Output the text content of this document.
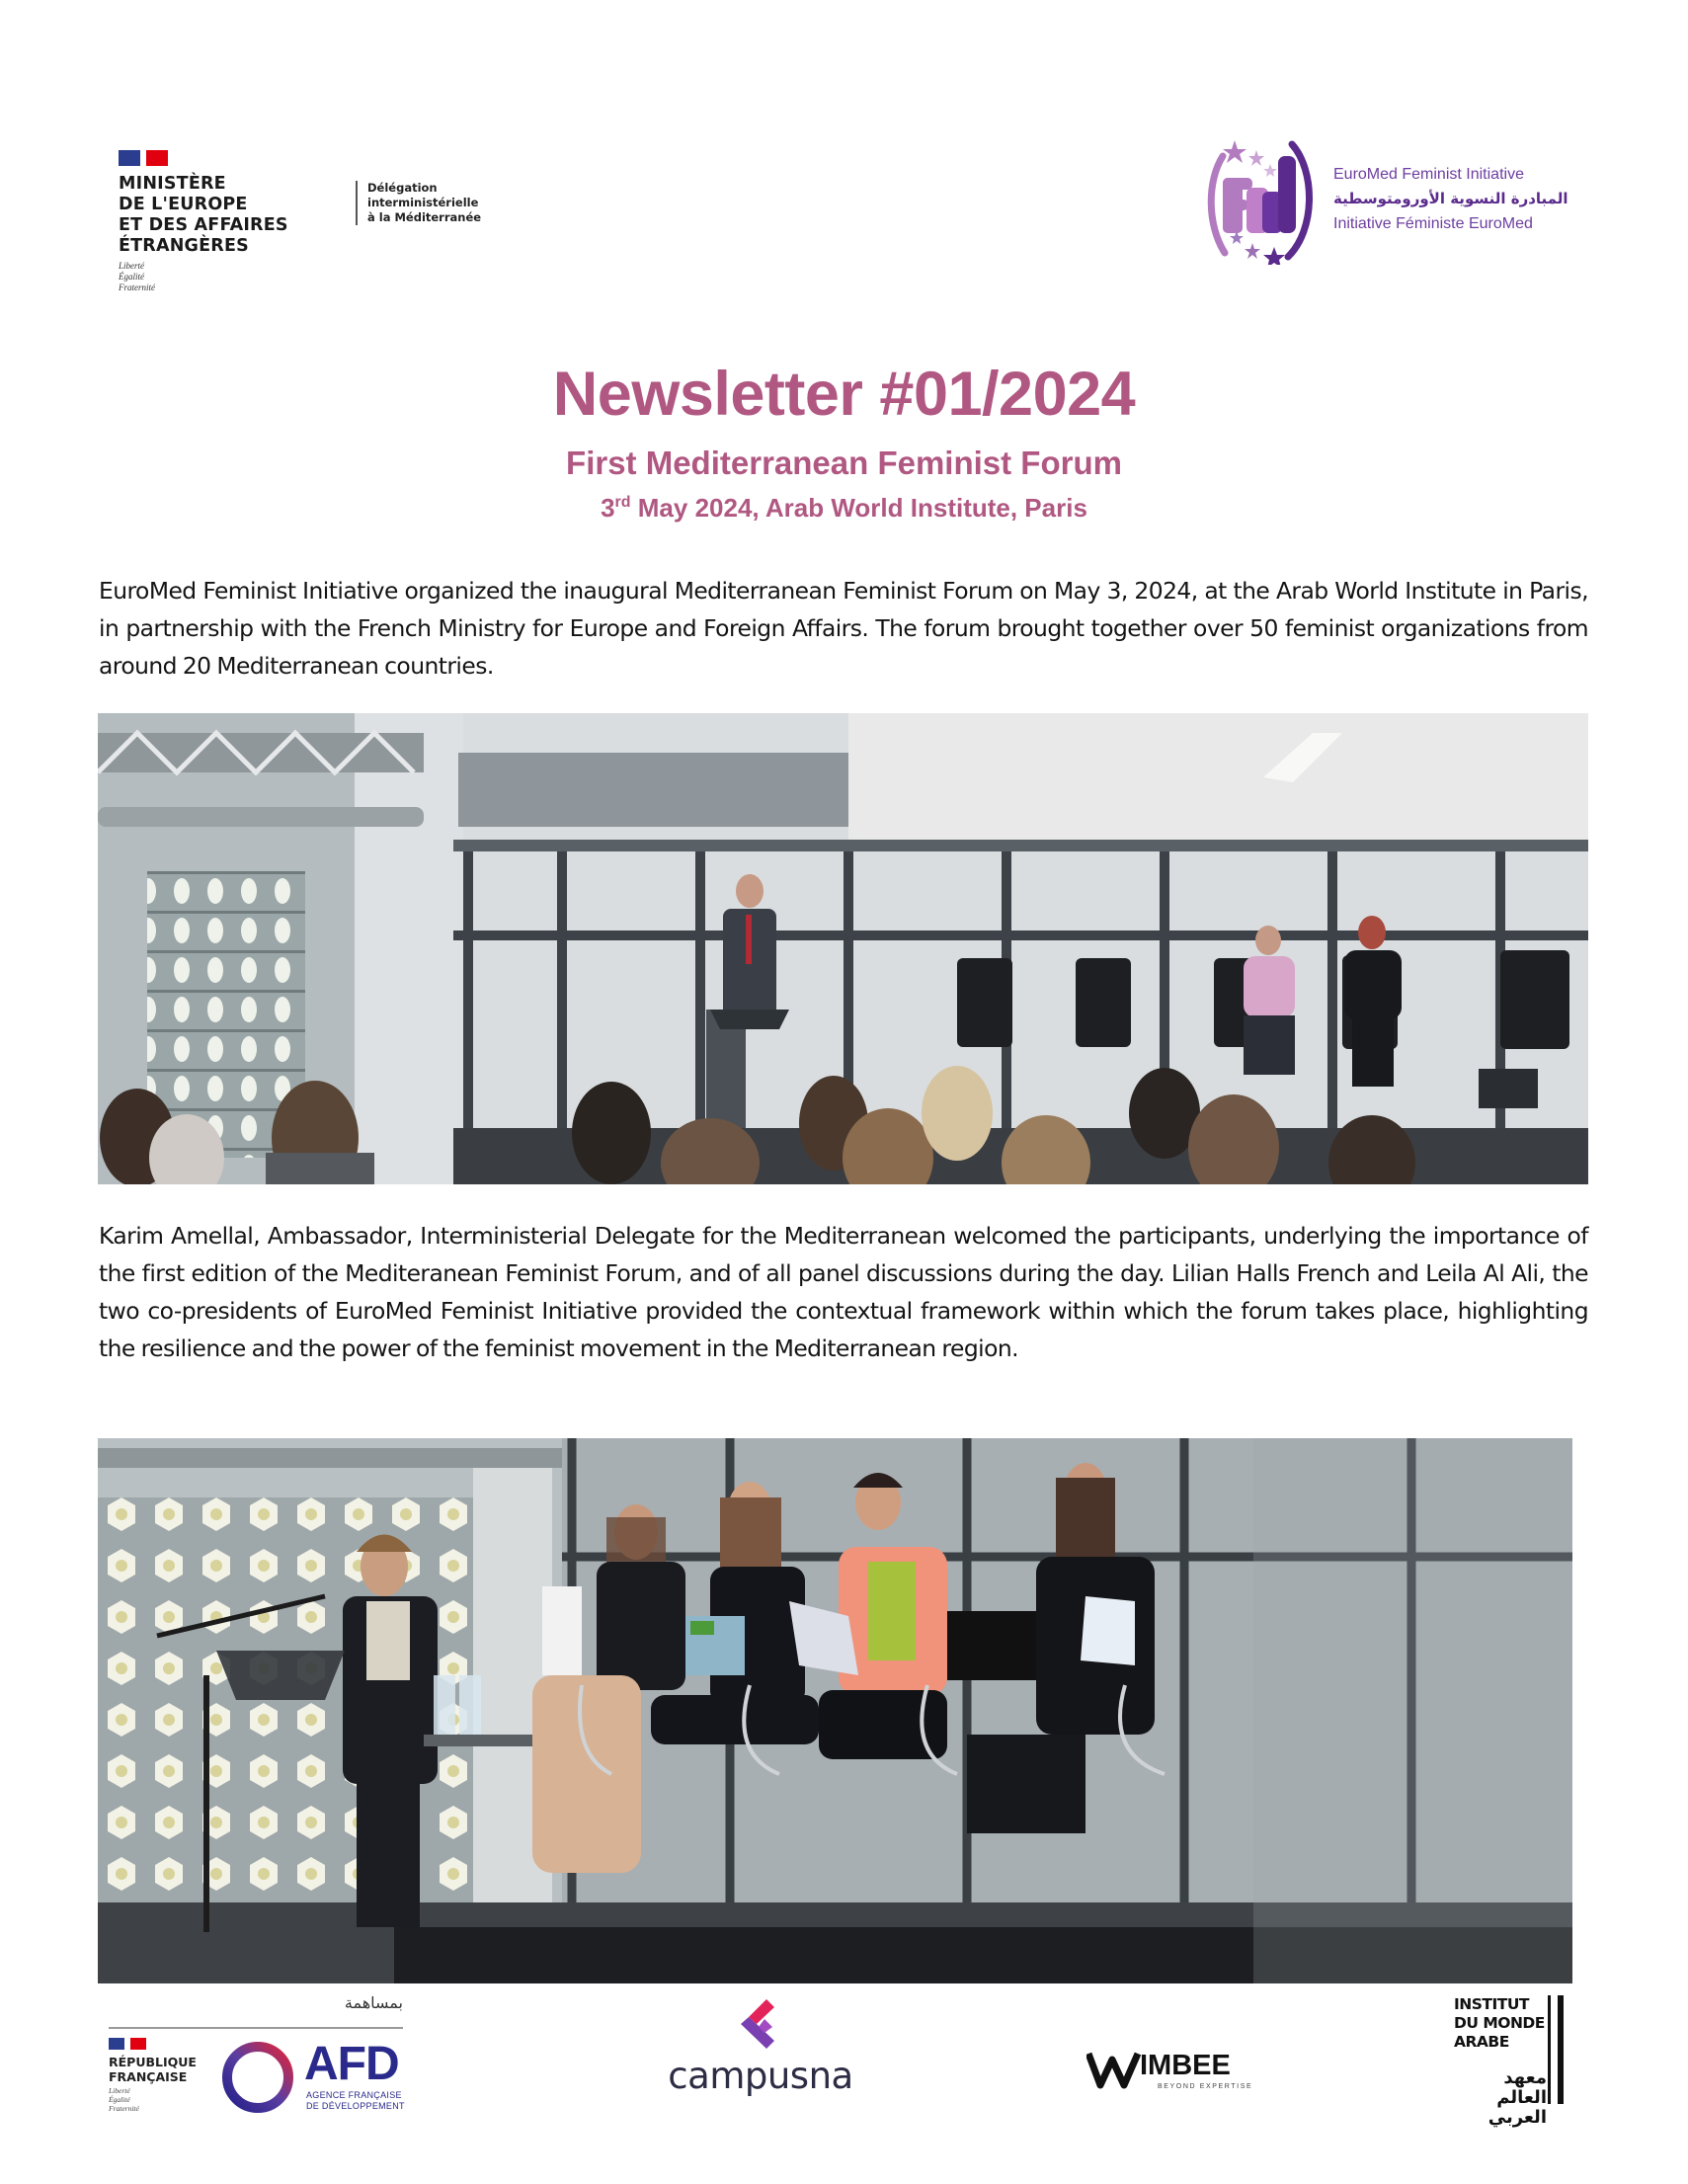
MINISTÈRE
DE L'EUROPE
ET DES AFFAIRES
ÉTRANGÈRES
Liberté
Égalité
Fraternité
Délégation
interministérielle
à la Méditerranée
EuroMed Feminist Initiative
المبادرة النسوية الأورومتوسطية
Initiative Féministe EuroMed
Newsletter #01/2024
First Mediterranean Feminist Forum
3rd May 2024, Arab World Institute, Paris
EuroMed Feminist Initiative organized the inaugural Mediterranean Feminist Forum on May 3, 2024, at the Arab World Institute in Paris, in partnership with the French Ministry for Europe and Foreign Affairs. The forum brought together over 50 feminist organizations from around 20 Mediterranean countries.
Karim Amellal, Ambassador, Interministerial Delegate for the Mediterranean welcomed the participants, underlying the importance of the first edition of the Mediteranean Feminist Forum, and of all panel discussions during the day. Lilian Halls French and Leila Al Ali, the two co-presidents of EuroMed Feminist Initiative provided the contextual framework within which the forum takes place, highlighting the resilience and the power of the feminist movement in the Mediterranean region.
بمساهمة
RÉPUBLIQUE
FRANÇAISE
Liberté
Égalité
Fraternité
AFD
AGENCE FRANÇAISE
DE DÉVELOPPEMENT
campusna	IMBEE
BEYOND EXPERTISE
INSTITUT
DU MONDE
ARABE
معهد العالم العربي
